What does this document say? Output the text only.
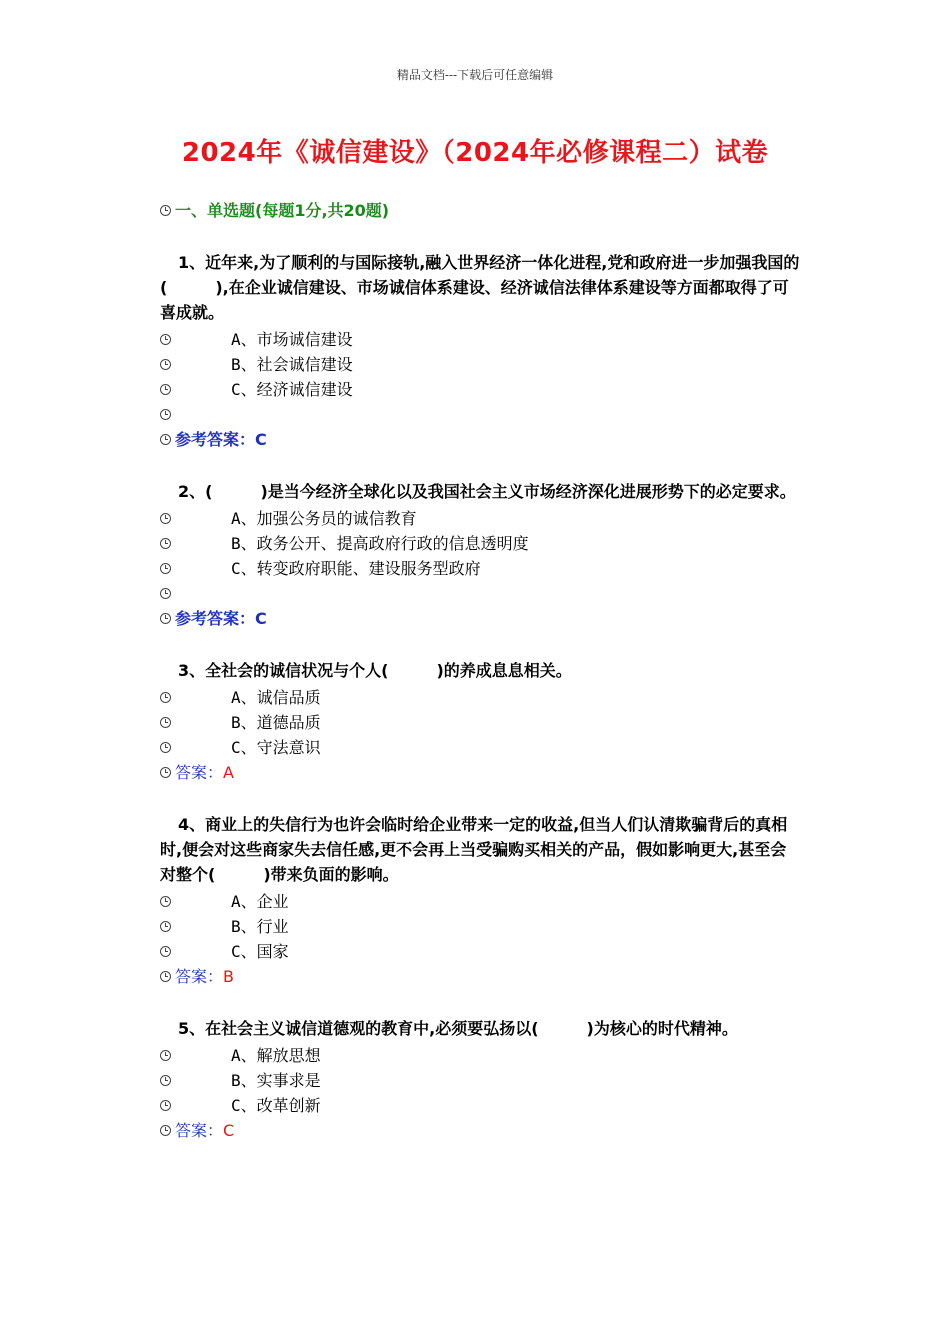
精品文档---下载后可任意编辑
2024年《诚信建设》（2024年必修课程二）试卷
一、单选题(每题1分,共20题)

1、近年来,为了顺利的与国际接轨,融入世界经济一体化进程,党和政府进一步加强我国的(　　　),在企业诚信建设、市场诚信体系建设、经济诚信法律体系建设等方面都取得了可喜成就。

A、市场诚信建设
B、社会诚信建设
C、经济诚信建设
参考答案：C

2、(　　　)是当今经济全球化以及我国社会主义市场经济深化进展形势下的必定要求。

A、加强公务员的诚信教育
B、政务公开、提高政府行政的信息透明度
C、转变政府职能、建设服务型政府
参考答案：C

3、全社会的诚信状况与个人(　　　)的养成息息相关。

A、诚信品质
B、道德品质
C、守法意识
答案：A

4、商业上的失信行为也许会临时给企业带来一定的收益,但当人们认清欺骗背后的真相时,便会对这些商家失去信任感,更不会再上当受骗购买相关的产品，假如影响更大,甚至会对整个(　　　)带来负面的影响。

A、企业
B、行业
C、国家
答案：B

5、在社会主义诚信道德观的教育中,必须要弘扬以(　　　)为核心的时代精神。

A、解放思想
B、实事求是
C、改革创新
答案：C
